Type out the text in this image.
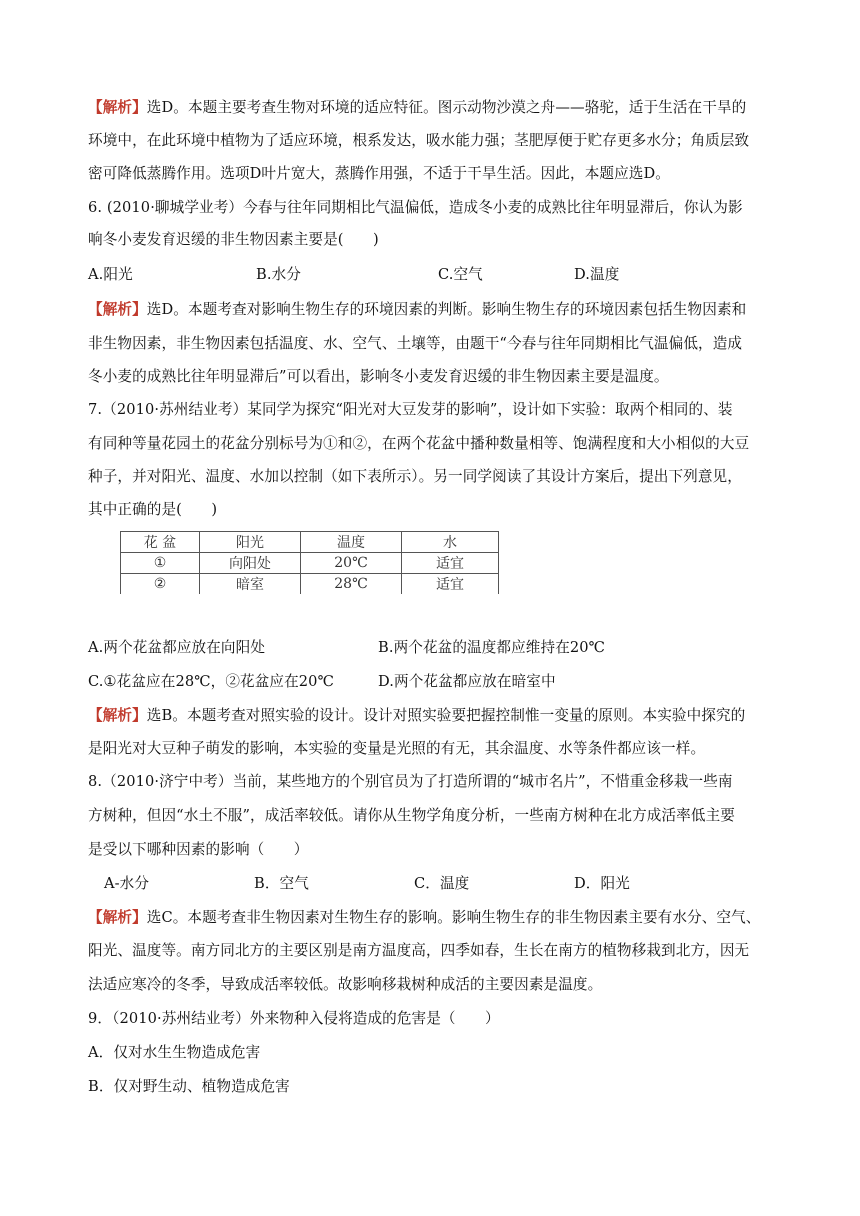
【解析】选D。本题主要考查生物对环境的适应特征。图示动物沙漠之舟——骆驼，适于生活在干旱的
环境中，在此环境中植物为了适应环境，根系发达，吸水能力强；茎肥厚便于贮存更多水分；角质层致
密可降低蒸腾作用。选项D叶片宽大，蒸腾作用强，不适于干旱生活。因此，本题应选D。
6. (2010·聊城学业考）今春与往年同期相比气温偏低，造成冬小麦的成熟比往年明显滞后，你认为影
响冬小麦发育迟缓的非生物因素主要是(　　)
A.阳光	B.水分	C.空气	D.温度
【解析】选D。本题考查对影响生物生存的环境因素的判断。影响生物生存的环境因素包括生物因素和
非生物因素，非生物因素包括温度、水、空气、土壤等，由题干“今春与往年同期相比气温偏低，造成
冬小麦的成熟比往年明显滞后”可以看出，影响冬小麦发育迟缓的非生物因素主要是温度。
7.（2010·苏州结业考）某同学为探究“阳光对大豆发芽的影响”，设计如下实验：取两个相同的、装
有同种等量花园土的花盆分别标号为①和②，在两个花盆中播种数量相等、饱满程度和大小相似的大豆
种子，并对阳光、温度、水加以控制（如下表所示）。另一同学阅读了其设计方案后，提出下列意见，
其中正确的是(　　)
花 盆	阳光	温度	水
①	向阳处	20℃	适宜
②	暗室	28℃	适宜
A.两个花盆都应放在向阳处	B.两个花盆的温度都应维持在20℃
C.①花盆应在28℃，②花盆应在20℃	D.两个花盆都应放在暗室中
【解析】选B。本题考查对照实验的设计。设计对照实验要把握控制惟一变量的原则。本实验中探究的
是阳光对大豆种子萌发的影响，本实验的变量是光照的有无，其余温度、水等条件都应该一样。
8.（2010·济宁中考）当前，某些地方的个别官员为了打造所谓的“城市名片”，不惜重金移栽一些南
方树种，但因“水土不服”，成活率较低。请你从生物学角度分析，一些南方树种在北方成活率低主要
是受以下哪种因素的影响（　　）
A-水分	B．空气	C．温度	D．阳光
【解析】选C。本题考查非生物因素对生物生存的影响。影响生物生存的非生物因素主要有水分、空气、
阳光、温度等。南方同北方的主要区别是南方温度高，四季如春，生长在南方的植物移栽到北方，因无
法适应寒冷的冬季，导致成活率较低。故影响移栽树种成活的主要因素是温度。
9．（2010·苏州结业考）外来物种入侵将造成的危害是（　　）
A．仅对水生生物造成危害
B．仅对野生动、植物造成危害
